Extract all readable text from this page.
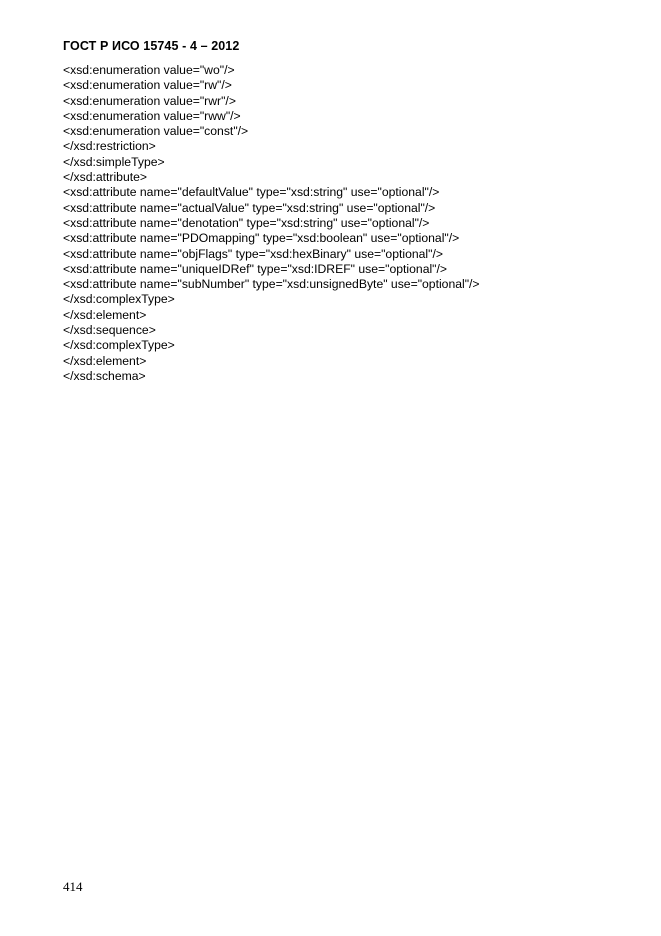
ГОСТ Р ИСО 15745 - 4 – 2012
<xsd:enumeration value="wo"/>
<xsd:enumeration value="rw"/>
<xsd:enumeration value="rwr"/>
<xsd:enumeration value="rww"/>
<xsd:enumeration value="const"/>
</xsd:restriction>
</xsd:simpleType>
</xsd:attribute>
<xsd:attribute name="defaultValue" type="xsd:string" use="optional"/>
<xsd:attribute name="actualValue" type="xsd:string" use="optional"/>
<xsd:attribute name="denotation" type="xsd:string" use="optional"/>
<xsd:attribute name="PDOmapping" type="xsd:boolean" use="optional"/>
<xsd:attribute name="objFlags" type="xsd:hexBinary" use="optional"/>
<xsd:attribute name="uniqueIDRef" type="xsd:IDREF" use="optional"/>
<xsd:attribute name="subNumber" type="xsd:unsignedByte" use="optional"/>
</xsd:complexType>
</xsd:element>
</xsd:sequence>
</xsd:complexType>
</xsd:element>
</xsd:schema>
414
